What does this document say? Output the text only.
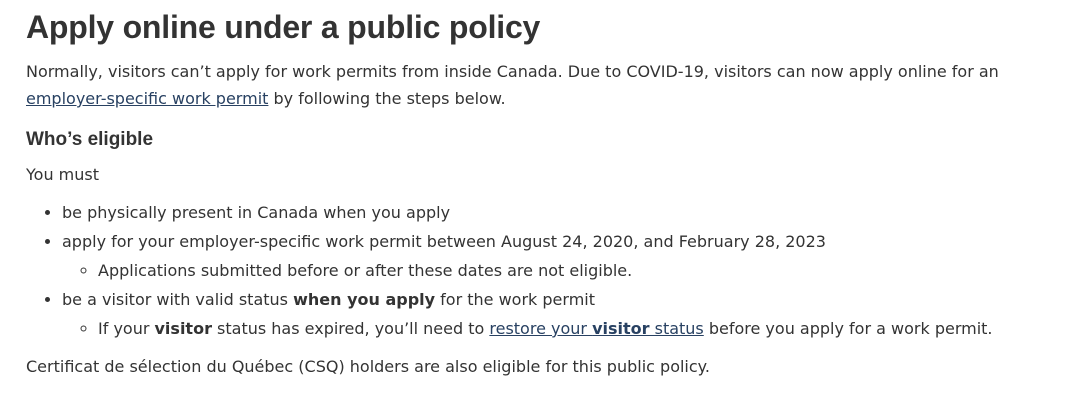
Apply online under a public policy

Normally, visitors can’t apply for work permits from inside Canada. Due to COVID-19, visitors can now apply online for an employer-specific work permit by following the steps below.

Who’s eligible

You must

• be physically present in Canada when you apply
• apply for your employer-specific work permit between August 24, 2020, and February 28, 2023
◦ Applications submitted before or after these dates are not eligible.
• be a visitor with valid status when you apply for the work permit
◦ If your visitor status has expired, you’ll need to restore your visitor status before you apply for a work permit.

Certificat de sélection du Québec (CSQ) holders are also eligible for this public policy.
